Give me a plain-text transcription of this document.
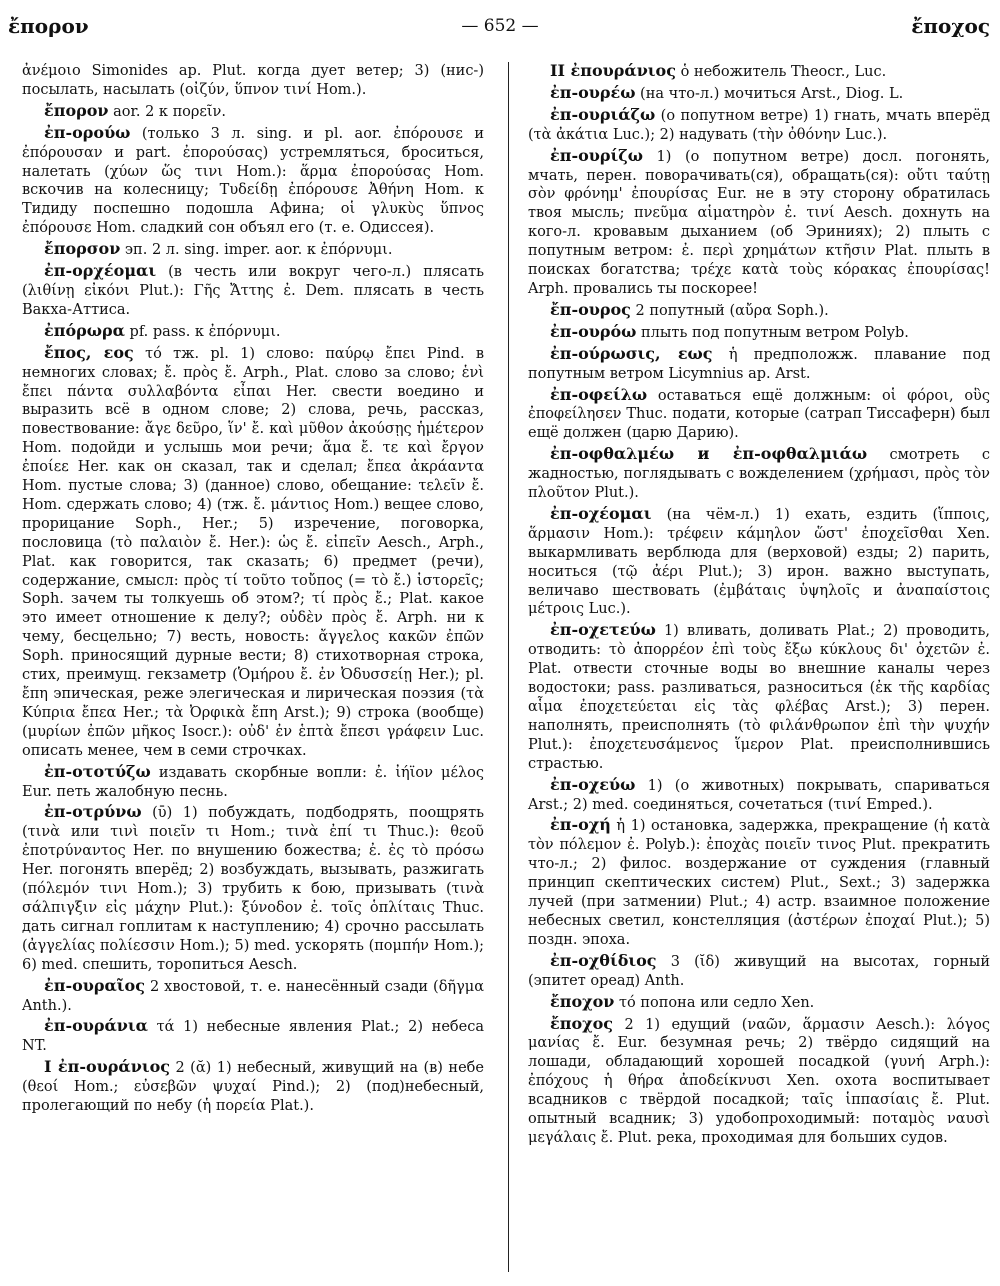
ἔπορον	— 652 —	ἔποχος
ἀνέμοιο Simonides ap. Plut. когда дует ветер; 3) (нис-) посылать, насылать (οἰζύν, ὕπνον τινί Hom.).
ἔπορον aor. 2 к πορεῖν.
ἐπ-ορούω (только 3 л. sing. и pl. aor. ἐπόρουσε и ἐπόρουσαν и part. ἐπορούσας) устремляться, броситься, налетать (χύων ὥς τινι Hom.): ἅρμα ἐπορούσας Hom. вскочив на колесницу; Τυδείδῃ ἐπόρουσε Ἀθήνη Hom. к Тидиду поспешно подошла Афина; οἱ γλυκὺς ὕπνος ἐπόρουσε Hom. сладкий сон объял его (т. е. Одиссея).
ἔπορσον эп. 2 л. sing. imper. aor. к ἐπόρνυμι.
ἐπ-ορχέομαι (в честь или вокруг чего-л.) плясать (λιθίνῃ εἰκόνι Plut.): Γῆς Ἄττης ἐ. Dem. плясать в честь Вакха-Аттиса.
ἐπόρωρα pf. pass. к ἐπόρνυμι.
ἔπος, εος τό тж. pl. 1) слово: παύρῳ ἔπει Pind. в немногих словах; ἔ. πρὸς ἔ. Arph., Plat. слово за слово; ἑνὶ ἔπει πάντα συλλαβόντα εἶπαι Her. свести воедино и выразить всё в одном слове; 2) слова, речь, рассказ, повествование: ἄγε δεῦρο, ἵν' ἔ. καὶ μῦθον ἀκούσῃς ἡμέτερον Hom. подойди и услышь мои речи; ἅμα ἔ. τε καὶ ἔργον ἐποίεε Her. как он сказал, так и сделал; ἔπεα ἀκράαντα Hom. пустые слова; 3) (данное) слово, обещание: τελεῖν ἔ. Hom. сдержать слово; 4) (тж. ἔ. μάντιος Hom.) вещее слово, прорицание Soph., Her.; 5) изречение, поговорка, пословица (τὸ παλαιὸν ἔ. Her.): ὡς ἔ. εἰπεῖν Aesch., Arph., Plat. как говорится, так сказать; 6) предмет (речи), содержание, смысл: πρὸς τί τοῦτο τοὔπος (= τὸ ἔ.) ἱστορεῖς; Soph. зачем ты толкуешь об этом?; τί πρὸς ἔ.; Plat. какое это имеет отношение к делу?; οὐδὲν πρὸς ἔ. Arph. ни к чему, бесцельно; 7) весть, новость: ἄγγελος κακῶν ἐπῶν Soph. приносящий дурные вести; 8) стихотворная строка, стих, преимущ. гекзаметр (Ὁμήρου ἔ. ἐν Ὀδυσσείῃ Her.); pl. ἔπη эпическая, реже элегическая и лирическая поэзия (τὰ Κύπρια ἔπεα Her.; τὰ Ὀρφικὰ ἔπη Arst.); 9) строка (вообще) (μυρίων ἐπῶν μῆκος Isocr.): οὐδ' ἐν ἑπτὰ ἔπεσι γράφειν Luc. описать менее, чем в семи строчках.
ἐπ-οτοτύζω издавать скорбные вопли: ἐ. ἰήϊον μέλος Eur. петь жалобную песнь.
ἐπ-οτρύνω (ῡ) 1) побуждать, подбодрять, поощрять (τινὰ или τινὶ ποιεῖν τι Hom.; τινὰ ἐπί τι Thuc.): θεοῦ ἐποτρύναντος Her. по внушению божества; ἐ. ἐς τὸ πρόσω Her. погонять вперёд; 2) возбуждать, вызывать, разжигать (πόλεμόν τινι Hom.); 3) трубить к бою, призывать (τινὰ σάλπιγξιν εἰς μάχην Plut.): ξύνοδον ἐ. τοῖς ὁπλίταις Thuc. дать сигнал гоплитам к наступлению; 4) срочно рассылать (ἀγγελίας πολίεσσιν Hom.); 5) med. ускорять (πομπήν Hom.); 6) med. спешить, торопиться Aesch.
ἐπ-ουραῖος 2 хвостовой, т. е. нанесённый сзади (δῆγμα Anth.).
ἐπ-ουράνια τά 1) небесные явления Plat.; 2) небеса NT.
I ἐπ-ουράνιος 2 (ᾰ) 1) небесный, живущий на (в) небе (θεοί Hom.; εὐσεβῶν ψυχαί Pind.); 2) (под)небесный, пролегающий по небу (ἡ πορεία Plat.).
II ἐπουράνιος ὁ небожитель Theocr., Luc.
ἐπ-ουρέω (на что-л.) мочиться Arst., Diog. L.
ἐπ-ουριάζω (о попутном ветре) 1) гнать, мчать вперёд (τὰ ἀκάτια Luc.); 2) надувать (τὴν ὀθόνην Luc.).
ἐπ-ουρίζω 1) (о попутном ветре) досл. погонять, мчать, перен. поворачивать(ся), обращать(ся): οὔτι ταύτῃ σὸν φρόνημ' ἐπουρίσας Eur. не в эту сторону обратилась твоя мысль; πνεῦμα αἱματηρὸν ἐ. τινί Aesch. дохнуть на кого-л. кровавым дыханием (об Эриниях); 2) плыть с попутным ветром: ἐ. περὶ χρημάτων κτῆσιν Plat. плыть в поисках богатства; τρέχε κατὰ τοὺς κόρακας ἐπουρίσας! Arph. провались ты поскорее!
ἔπ-ουρος 2 попутный (αὔρα Soph.).
ἐπ-ουρόω плыть под попутным ветром Polyb.
ἐπ-ούρωσις, εως ἡ предположж. плавание под попутным ветром Licymnius ap. Arst.
ἐπ-οφείλω оставаться ещё должным: οἱ φόροι, οὓς ἐποφείλησεν Thuc. подати, которые (сатрап Тиссаферн) был ещё должен (царю Дарию).
ἐπ-οφθαλμέω и ἐπ-οφθαλμιάω смотреть с жадностью, поглядывать с вожделением (χρήμασι, πρὸς τὸν πλοῦτον Plut.).
ἐπ-οχέομαι (на чём-л.) 1) ехать, ездить (ἵπποις, ἅρμασιν Hom.): τρέφειν κάμηλον ὥστ' ἐποχεῖσθαι Xen. выкармливать верблюда для (верховой) езды; 2) парить, носиться (τῷ ἀέρι Plut.); 3) ирон. важно выступать, величаво шествовать (ἐμβάταις ὑψηλοῖς и ἀναπαίστοις μέτροις Luc.).
ἐπ-οχετεύω 1) вливать, доливать Plat.; 2) проводить, отводить: τὸ ἀπορρέον ἐπὶ τοὺς ἔξω κύκλους δι' ὀχετῶν ἐ. Plat. отвести сточные воды во внешние каналы через водостоки; pass. разливаться, разноситься (ἐκ τῆς καρδίας αἷμα ἐποχετεύεται εἰς τὰς φλέβας Arst.); 3) перен. наполнять, преисполнять (τὸ φιλάνθρωπον ἐπὶ τὴν ψυχήν Plut.): ἐποχετευσάμενος ἵμερον Plat. преисполнившись страстью.
ἐπ-οχεύω 1) (о животных) покрывать, спариваться Arst.; 2) med. соединяться, сочетаться (τινί Emped.).
ἐπ-οχή ἡ 1) остановка, задержка, прекращение (ἡ κατὰ τὸν πόλεμον ἐ. Polyb.): ἐποχὰς ποιεῖν τινος Plut. прекратить что-л.; 2) филос. воздержание от суждения (главный принцип скептических систем) Plut., Sext.; 3) задержка лучей (при затмении) Plut.; 4) астр. взаимное положение небесных светил, констелляция (ἀστέρων ἐποχαί Plut.); 5) поздн. эпоха.
ἐπ-οχθίδιος 3 (ῐδ) живущий на высотах, горный (эпитет ореад) Anth.
ἔποχον τό попона или седло Xen.
ἔποχος 2 1) едущий (ναῶν, ἅρμασιν Aesch.): λόγος μανίας ἔ. Eur. безумная речь; 2) твёрдо сидящий на лошади, обладающий хорошей посадкой (γυνή Arph.): ἐπόχους ἡ θήρα ἀποδείκνυσι Xen. охота воспитывает всадников с твёрдой посадкой; ταῖς ἱππασίαις ἔ. Plut. опытный всадник; 3) удобопроходимый: ποταμὸς ναυσὶ μεγάλαις ἔ. Plut. река, проходимая для больших судов.
